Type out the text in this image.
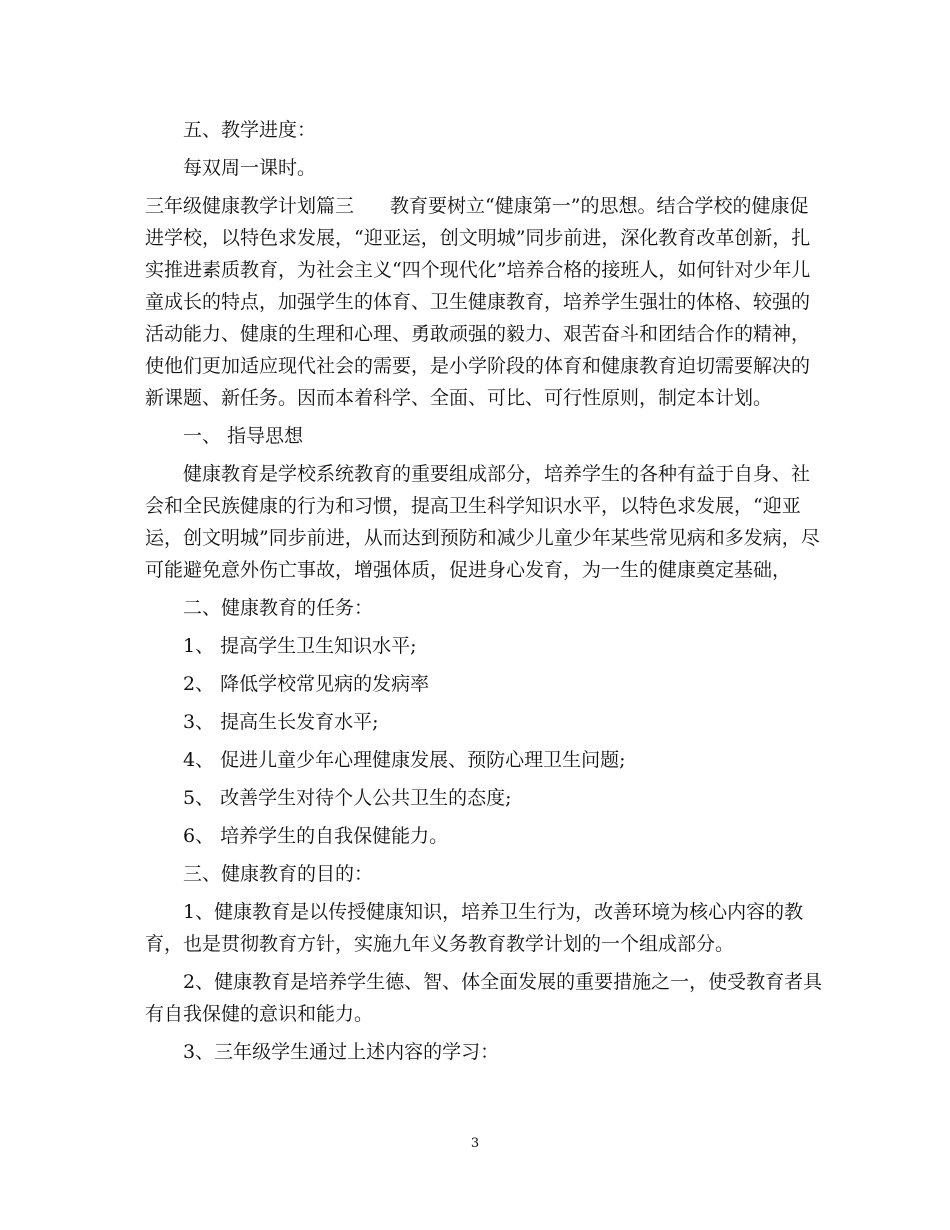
五、教学进度：
每双周一课时。
三年级健康教学计划篇三 教育要树立“健康第一”的思想。结合学校的健康促
进学校，以特色求发展，“迎亚运，创文明城”同步前进，深化教育改革创新，扎
实推进素质教育，为社会主义“四个现代化”培养合格的接班人，如何针对少年儿
童成长的特点，加强学生的体育、卫生健康教育，培养学生强壮的体格、较强的
活动能力、健康的生理和心理、勇敢顽强的毅力、艰苦奋斗和团结合作的精神，
使他们更加适应现代社会的需要，是小学阶段的体育和健康教育迫切需要解决的
新课题、新任务。因而本着科学、全面、可比、可行性原则，制定本计划。
一、 指导思想
健康教育是学校系统教育的重要组成部分，培养学生的各种有益于自身、社
会和全民族健康的行为和习惯，提高卫生科学知识水平，以特色求发展，“迎亚
运，创文明城”同步前进，从而达到预防和减少儿童少年某些常见病和多发病，尽
可能避免意外伤亡事故，增强体质，促进身心发育，为一生的健康奠定基础，
二、健康教育的任务：
1、 提高学生卫生知识水平;
2、 降低学校常见病的发病率
3、 提高生长发育水平;
4、 促进儿童少年心理健康发展、预防心理卫生问题;
5、 改善学生对待个人公共卫生的态度;
6、 培养学生的自我保健能力。
三、健康教育的目的：
1、健康教育是以传授健康知识，培养卫生行为，改善环境为核心内容的教
育，也是贯彻教育方针，实施九年义务教育教学计划的一个组成部分。
2、健康教育是培养学生德、智、体全面发展的重要措施之一，使受教育者具
有自我保健的意识和能力。
3、三年级学生通过上述内容的学习：
3
